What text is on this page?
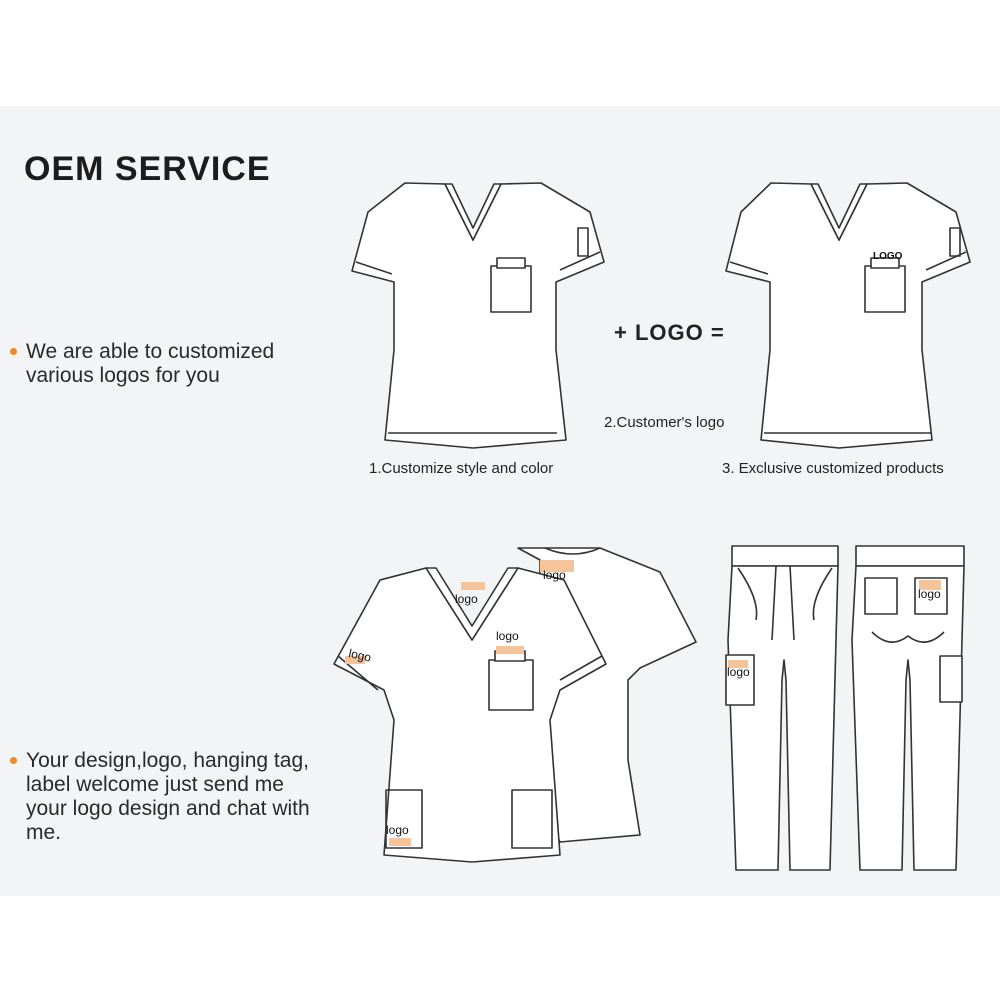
OEM SERVICE
We are able to customized various logos for you
Your design,logo, hanging tag, label welcome just send me your logo design and chat with me.
+ LOGO =
1.Customize style and color
2.Customer's logo
3. Exclusive customized products
LOGO
logo
logo
logo
logo
logo
logo
logo
